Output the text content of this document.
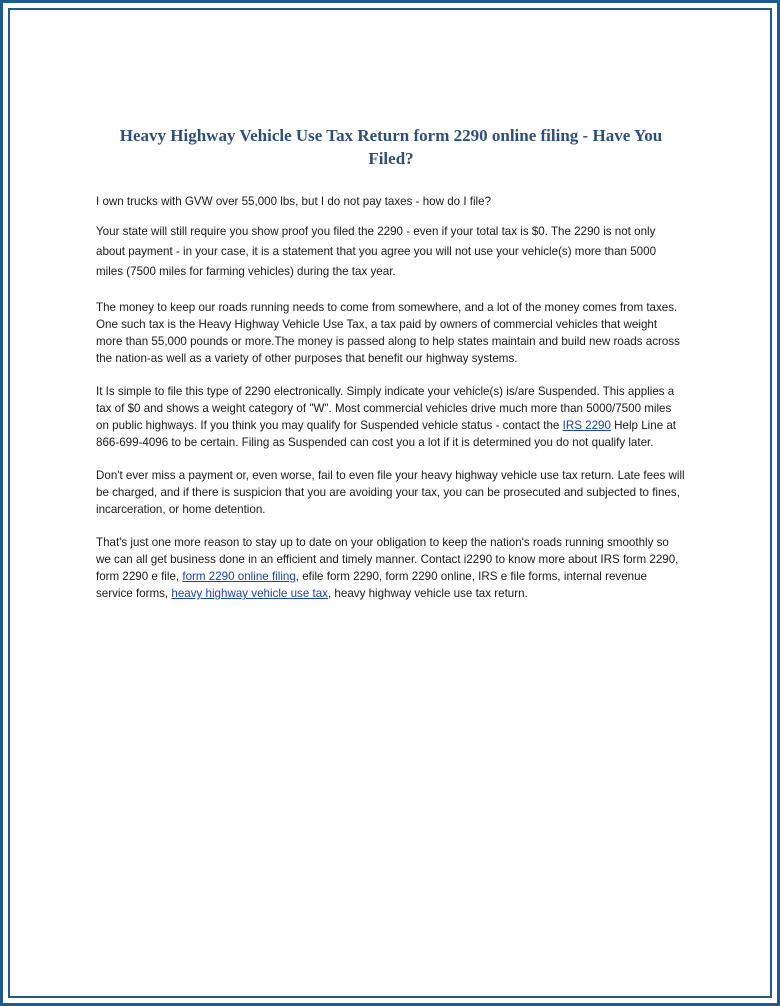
Heavy Highway Vehicle Use Tax Return form 2290 online filing - Have You Filed?

I own trucks with GVW over 55,000 lbs, but I do not pay taxes - how do I file?

Your state will still require you show proof you filed the 2290 - even if your total tax is $0. The 2290 is not only about payment - in your case, it is a statement that you agree you will not use your vehicle(s) more than 5000 miles (7500 miles for farming vehicles) during the tax year.

The money to keep our roads running needs to come from somewhere, and a lot of the money comes from taxes. One such tax is the Heavy Highway Vehicle Use Tax, a tax paid by owners of commercial vehicles that weight more than 55,000 pounds or more.The money is passed along to help states maintain and build new roads across the nation-as well as a variety of other purposes that benefit our highway systems.

It Is simple to file this type of 2290 electronically. Simply indicate your vehicle(s) is/are Suspended. This applies a tax of $0 and shows a weight category of "W". Most commercial vehicles drive much more than 5000/7500 miles on public highways. If you think you may qualify for Suspended vehicle status - contact the IRS 2290 Help Line at 866-699-4096 to be certain. Filing as Suspended can cost you a lot if it is determined you do not qualify later.

Don't ever miss a payment or, even worse, fail to even file your heavy highway vehicle use tax return. Late fees will be charged, and if there is suspicion that you are avoiding your tax, you can be prosecuted and subjected to fines, incarceration, or home detention.

That's just one more reason to stay up to date on your obligation to keep the nation's roads running smoothly so we can all get business done in an efficient and timely manner. Contact i2290 to know more about IRS form 2290, form 2290 e file, form 2290 online filing, efile form 2290, form 2290 online, IRS e file forms, internal revenue service forms, heavy highway vehicle use tax, heavy highway vehicle use tax return.
